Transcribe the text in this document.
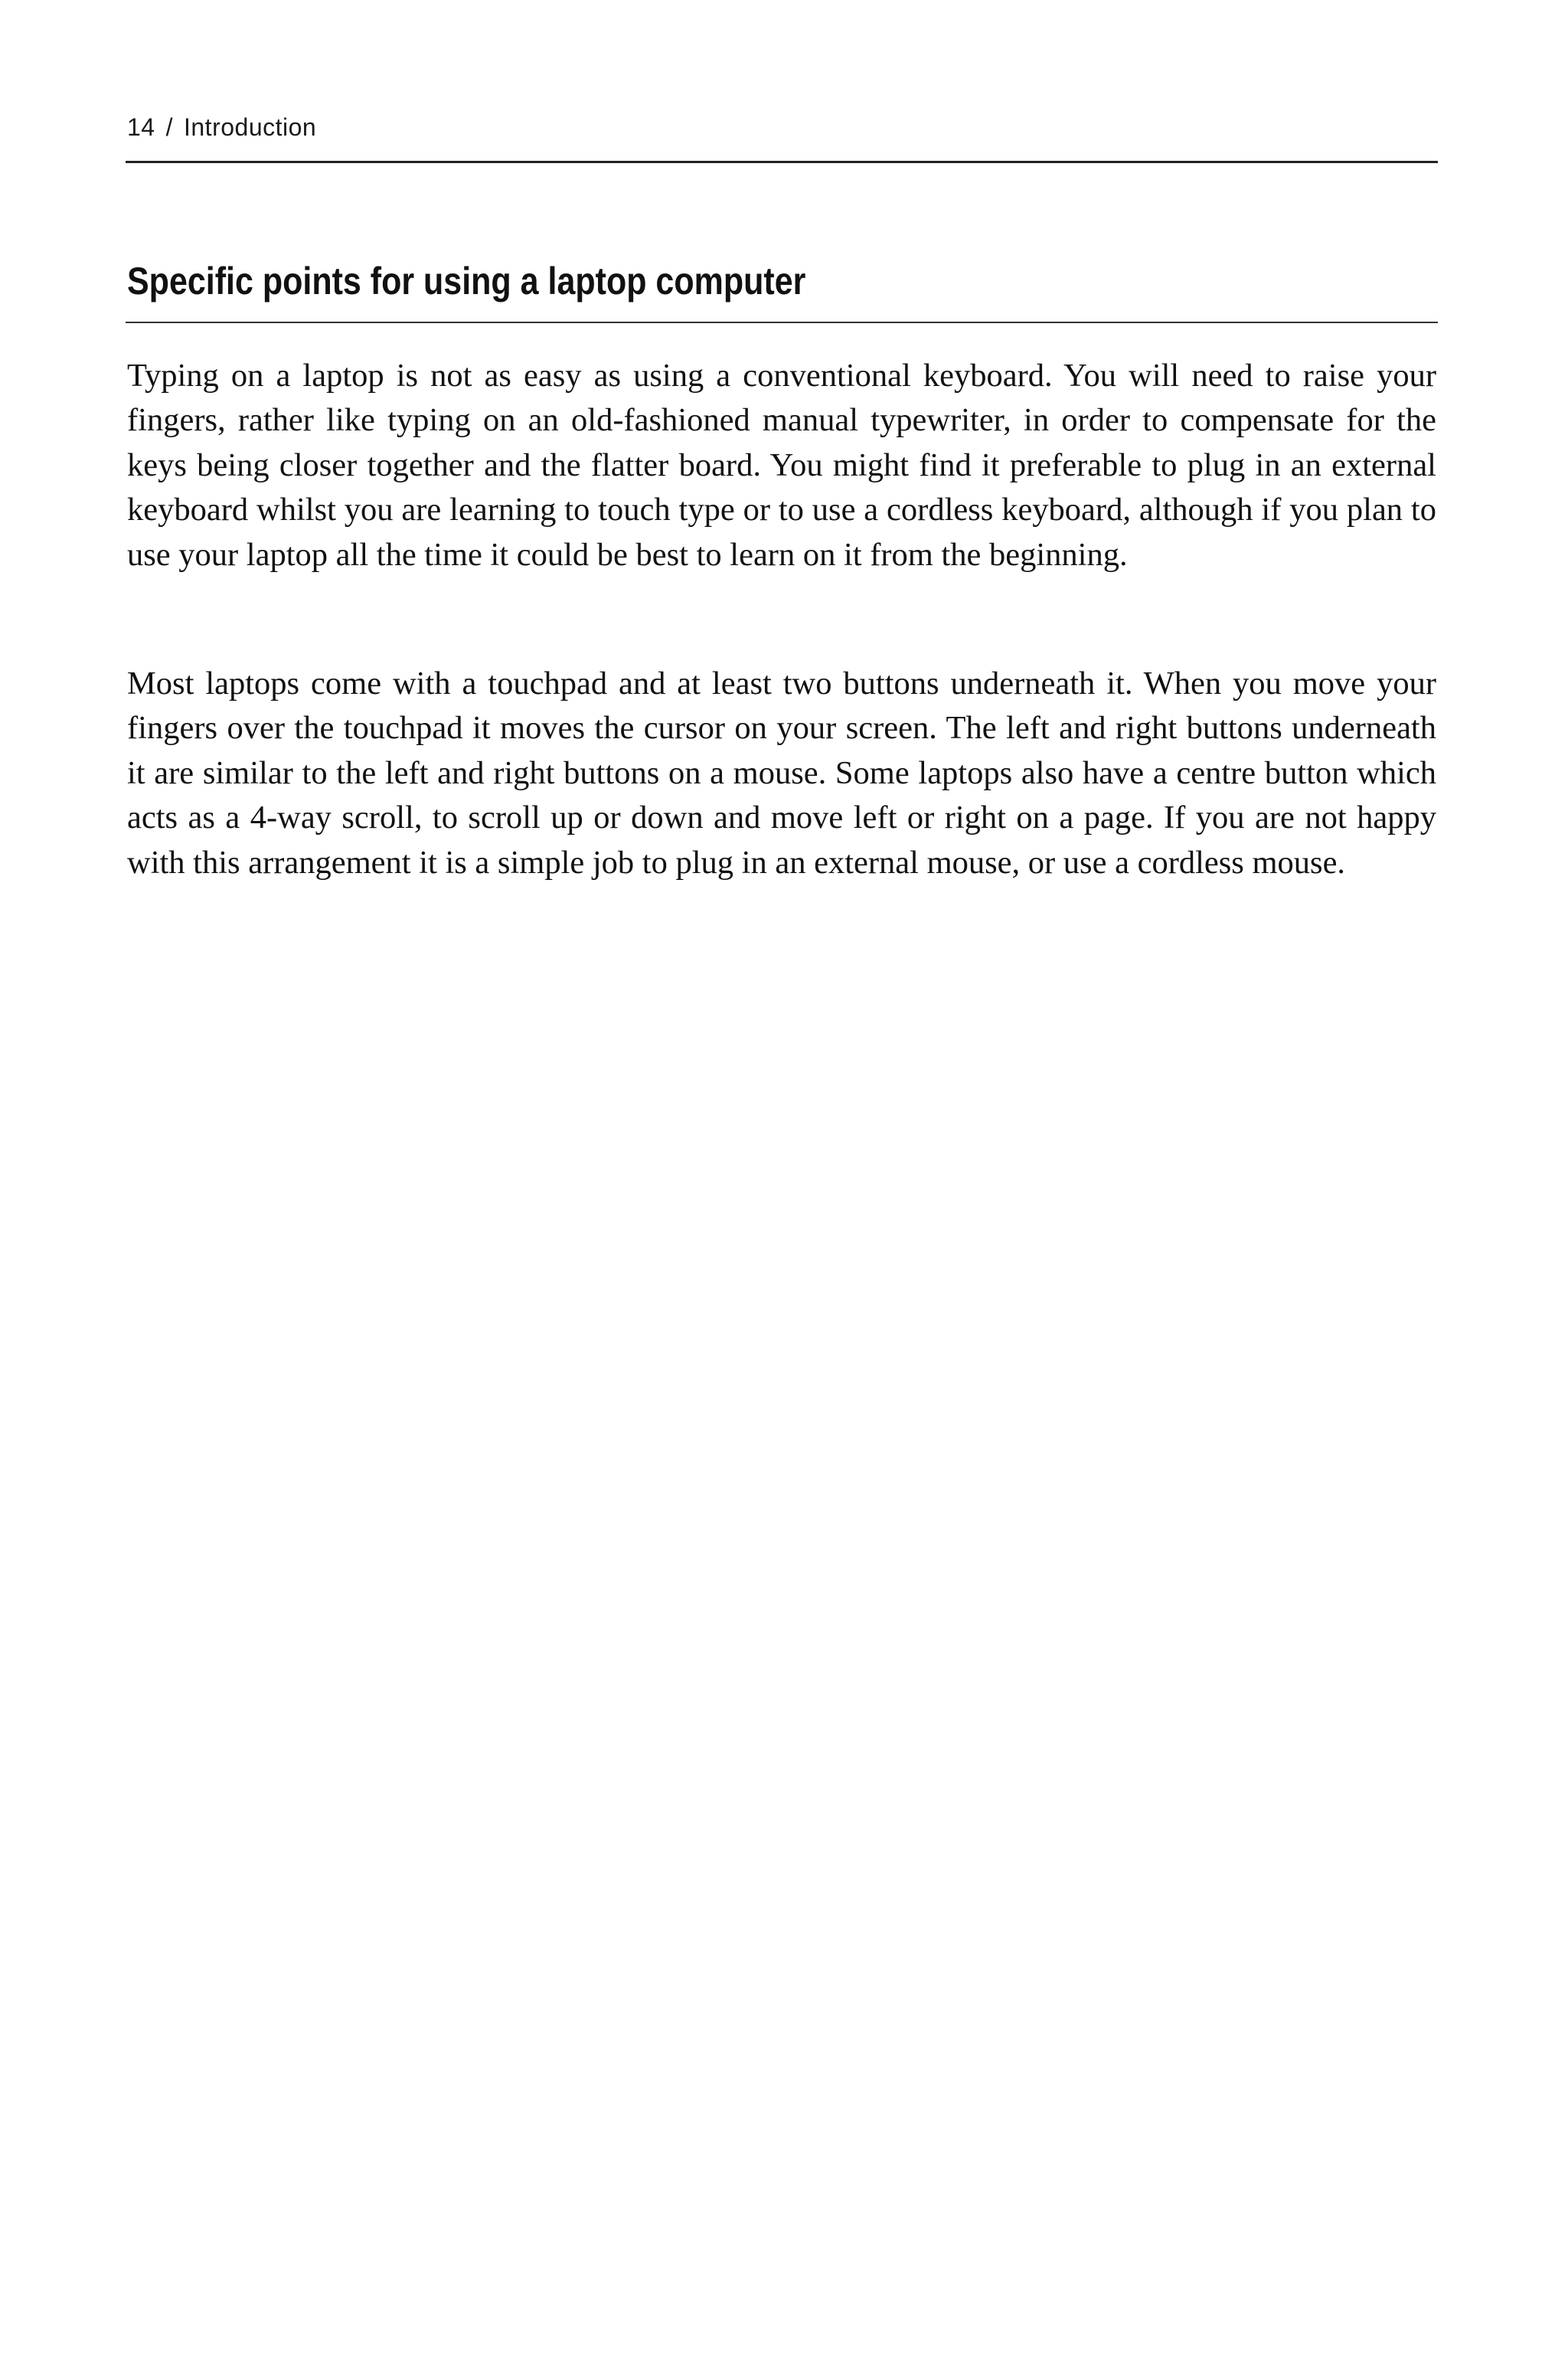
14 / Introduction
Specific points for using a laptop computer

Typing on a laptop is not as easy as using a conventional keyboard. You will need to raise your fingers, rather like typing on an old-fashioned manual typewriter, in order to compensate for the keys being closer together and the flatter board. You might find it preferable to plug in an external keyboard whilst you are learning to touch type or to use a cordless keyboard, although if you plan to use your laptop all the time it could be best to learn on it from the beginning.

Most laptops come with a touchpad and at least two buttons underneath it. When you move your fingers over the touchpad it moves the cursor on your screen. The left and right buttons underneath it are similar to the left and right buttons on a mouse. Some laptops also have a centre button which acts as a 4-way scroll, to scroll up or down and move left or right on a page. If you are not happy with this arrangement it is a simple job to plug in an external mouse, or use a cordless mouse.
